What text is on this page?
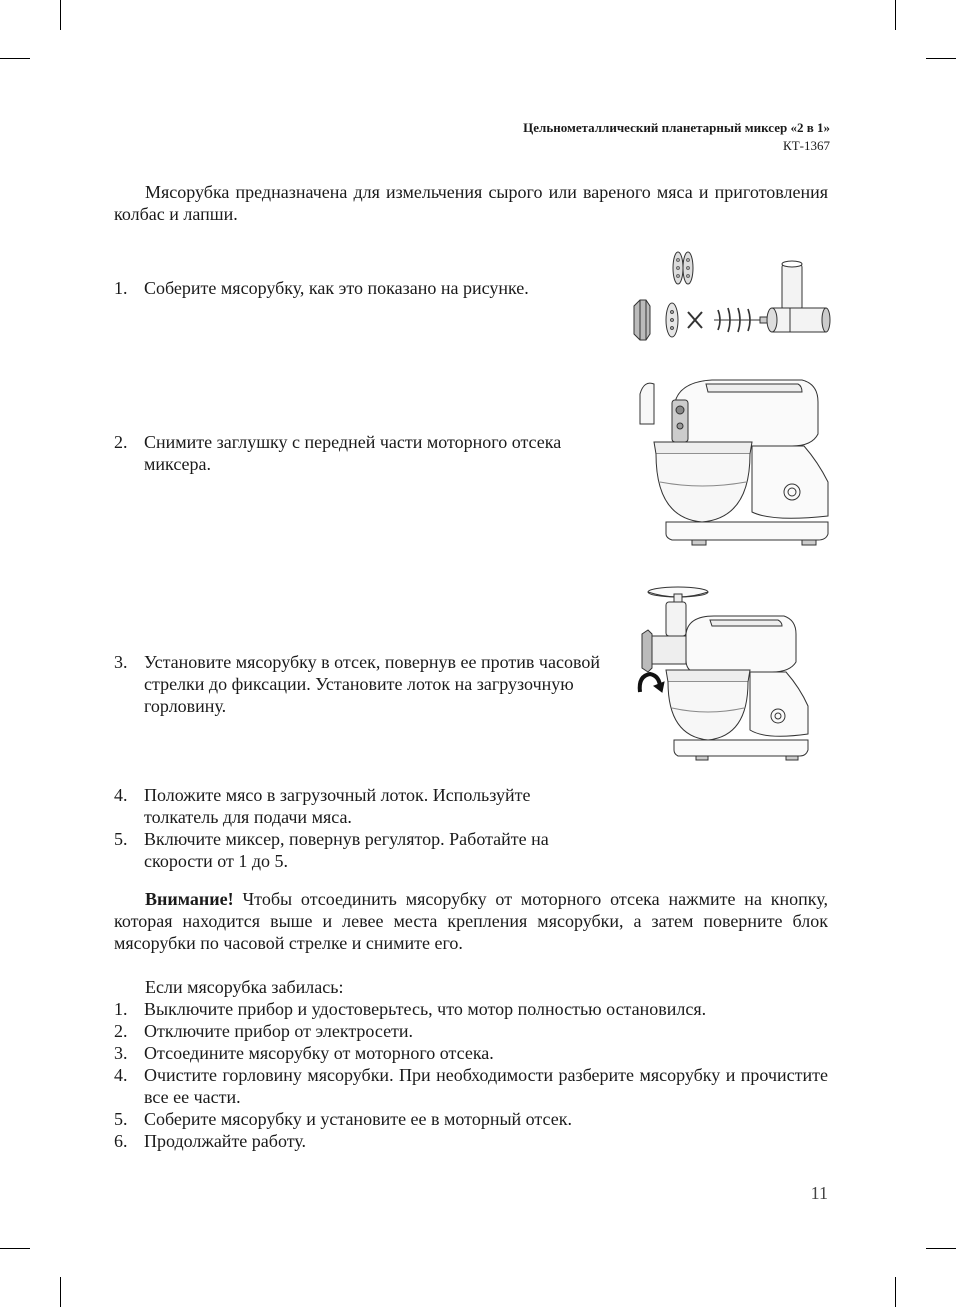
Цельнометаллический планетарный миксер «2 в 1»
КТ-1367
Мясорубка предназначена для измельчения сырого или вареного мяса и приготовления колбас и лапши.
1. Соберите мясорубку, как это показано на рисунке.
2. Снимите заглушку с передней части моторного отсека миксера.
3. Установите мясорубку в отсек, повернув ее против часовой стрелки до фиксации. Установите лоток на загрузочную горловину.
4. Положите мясо в загрузочный лоток. Используйте толкатель для подачи мяса.
5. Включите миксер, повернув регулятор. Работайте на скорости от 1 до 5.
Внимание! Чтобы отсоединить мясорубку от моторного отсека нажмите на кнопку, которая находится выше и левее места крепления мясорубки, а затем поверните блок мясорубки по часовой стрелке и снимите его.
Если мясорубка забилась:
1. Выключите прибор и удостоверьтесь, что мотор полностью остановился.
2. Отключите прибор от электросети.
3. Отсоедините мясорубку от моторного отсека.
4. Очистите горловину мясорубки. При необходимости разберите мясорубку и прочистите все ее части.
5. Соберите мясорубку и установите ее в моторный отсек.
6. Продолжайте работу.
11
